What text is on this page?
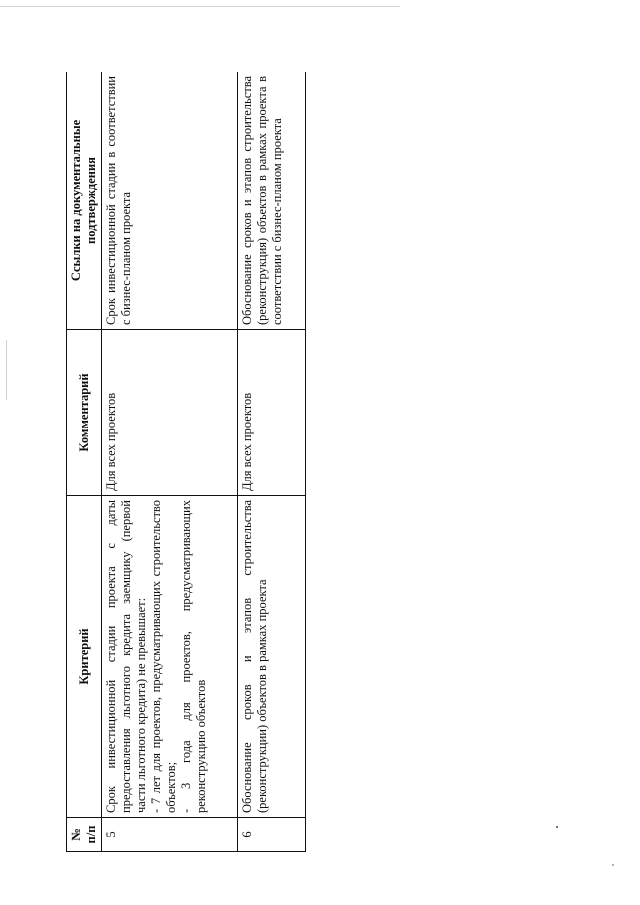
№ п/п	Критерий	Комментарий	Ссылки на документальные подтверждения
5	Срок инвестиционной стадии проекта с даты предоставления льготного кредита заемщику (первой части льготного кредита) не превышает: - 7 лет для проектов, предусматривающих строительство объектов; - 3 года для проектов, предусматривающих реконструкцию объектов	Для всех проектов	Срок инвестиционной стадии в соответствии с бизнес-планом проекта
6	Обоснование сроков и этапов строительства (реконструкции) объектов в рамках проекта	Для всех проектов	Обоснование сроков и этапов строительства (реконструкция) объектов в рамках проекта в соответствии с бизнес-планом проекта
